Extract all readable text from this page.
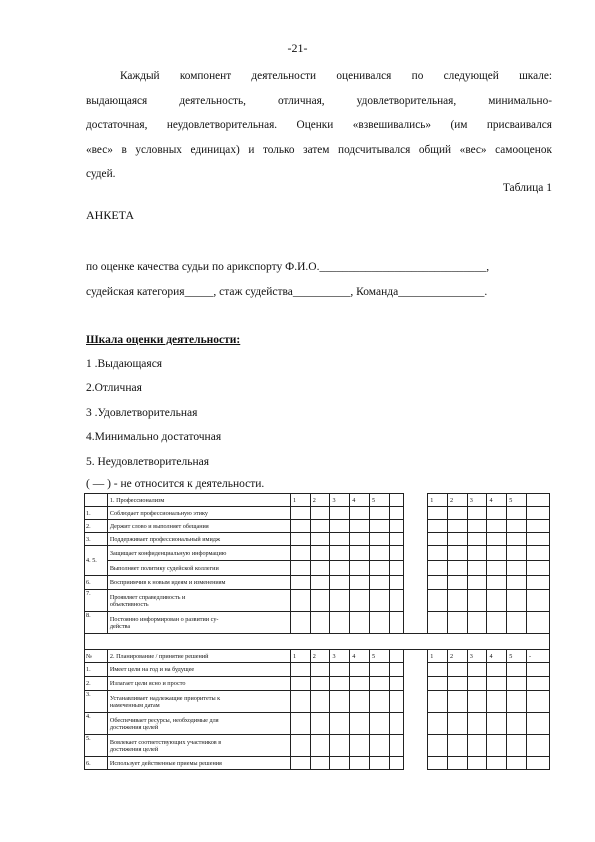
-21-
Каждый компонент деятельности оценивался по следующей шкале:
выдающаяся деятельность, отличная, удовлетворительная, минимально-
достаточная, неудовлетворительная. Оценки «взвешивались» (им присваивался
«вес» в условных единицах) и только затем подсчитывался общий «вес» самооценок
судей.
Таблица 1
АНКЕТА
по оценке качества судьи по арикспорту Ф.И.О._____________________________,
судейская категория_____, стаж судейства__________, Команда_______________.
Шкала оценки деятельности:
1 .Выдающаяся
2.Отличная
3 .Удовлетворительная
4.Минимально достаточная
5. Неудовлетворительная
( — ) - не относится к деятельности.
	1. Профессионализм	1	2	3	4	5			1	2	3	4	5	
1.	Соблюдает профессиональную этику													
2.	Держит слово и выполняет обещания													
3.	Поддерживает профессиональный имидж													
4. 5.	Защищает конфиденциальную информацию													
	Выполняет политику судейской коллегии													
6.	Восприимчив к новым идеям и изменениям													
7.	Проявляет справедливость и
объективность													
8.	Постоянно информирован о развитии су-
действа													

№	2. Планирование / принятие решений	1	2	3	4	5			1	2	3	4	5	-
1.	Имеет цели на год и на будущее													
2.	Излагает цели ясно и просто													
3.	Устанавливает надлежащие приоритеты к
намеченным датам													
4.	Обеспечивает ресурсы, необходимые для
достижения целей													
5.	Вовлекает соответствующих участников в
достижения целей													
6.	Использует действенные приемы решения													
